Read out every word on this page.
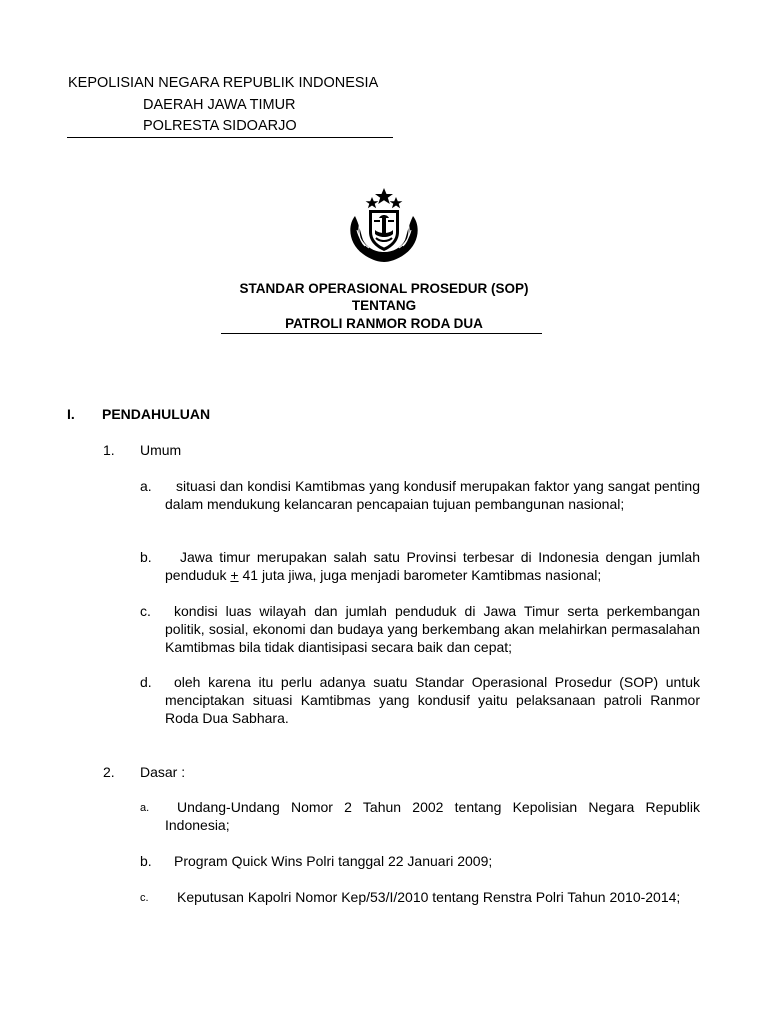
KEPOLISIAN NEGARA REPUBLIK INDONESIA
DAERAH JAWA TIMUR
POLRESTA SIDOARJO
STANDAR OPERASIONAL PROSEDUR (SOP)
TENTANG
PATROLI RANMOR RODA DUA
I. PENDAHULUAN
1. Umum
a.	situasi dan kondisi Kamtibmas yang kondusif merupakan faktor yang sangat penting dalam mendukung kelancaran pencapaian tujuan pembangunan nasional;
b.	Jawa timur merupakan salah satu Provinsi terbesar di Indonesia dengan jumlah penduduk + 41 juta jiwa, juga menjadi barometer Kamtibmas nasional;
c.	kondisi luas wilayah dan jumlah penduduk di Jawa Timur serta perkembangan politik, sosial, ekonomi dan budaya yang berkembang akan melahirkan permasalahan Kamtibmas bila tidak diantisipasi secara baik dan cepat;
d.	oleh karena itu perlu adanya suatu Standar Operasional Prosedur (SOP) untuk menciptakan situasi Kamtibmas yang kondusif yaitu pelaksanaan patroli Ranmor Roda Dua Sabhara.
2. Dasar :
a.	Undang-Undang Nomor 2 Tahun 2002 tentang Kepolisian Negara Republik Indonesia;
b.	Program Quick Wins Polri tanggal 22 Januari 2009;
c.	Keputusan Kapolri Nomor Kep/53/I/2010 tentang Renstra Polri Tahun 2010-2014;
